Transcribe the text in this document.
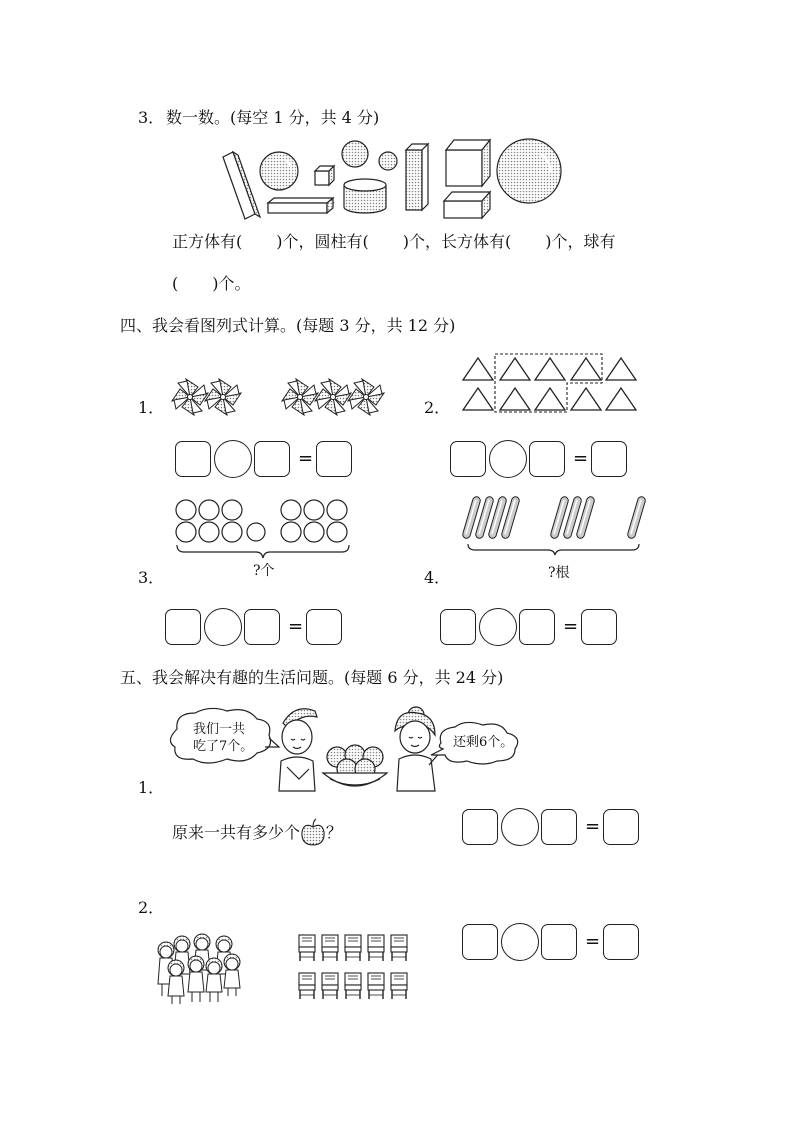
3． 数一数。(每空 1 分，共 4 分)
正方体有( )个，圆柱有( )个，长方体有( )个，球有
( )个。
四、我会看图列式计算。(每题 3 分，共 12 分)
1．	2．
=	=
3．	?个	4．	?根
=	=
五、我会解决有趣的生活问题。(每题 6 分，共 24 分)
我们一共
吃了7个。	还剩6个。
1．
原来一共有多少个 ？	=
2．
=
